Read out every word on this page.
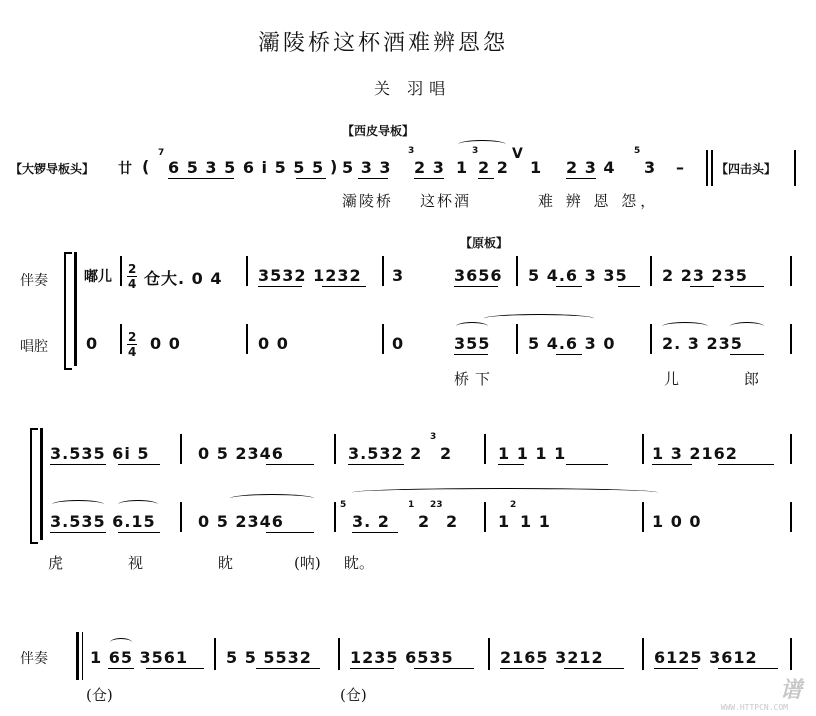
灞陵桥这杯酒难辨恩怨
关 羽唱
【西皮导板】
【大锣导板头】 廿 (
7
6 5 3 5 6 i 5 5 5 ) 5 3 3
3
2 3 1
3
2 2
V
1 2 3 4
5
3 –	【四击头】
灞陵桥 这杯酒	难 辨 恩 怨，
【原板】
伴奏
唱腔
嘟儿 2
4 仓大. 0 4 3532 1232 3	3656 5 4.6 3 35 2 23 235
0 2
4 0 0	0 0	0	355 5 4.6 3 0	2. 3 235
桥下	儿	郎
3.535 6i 5	0 5 2346	3.532 2
3
2	1 1 1 1	1 3 2162
3.535 6.15	0 5 2346
5
3. 2
1
2
23
2 1
2
1 1	1 0 0
虎	视	眈	(呐) 眈。
伴奏	1 65 3561 5 5 5532 1235 6535	2165 3212	6125 3612
(仓)	(仓)	谱
WWW.HTTPCN.COM
